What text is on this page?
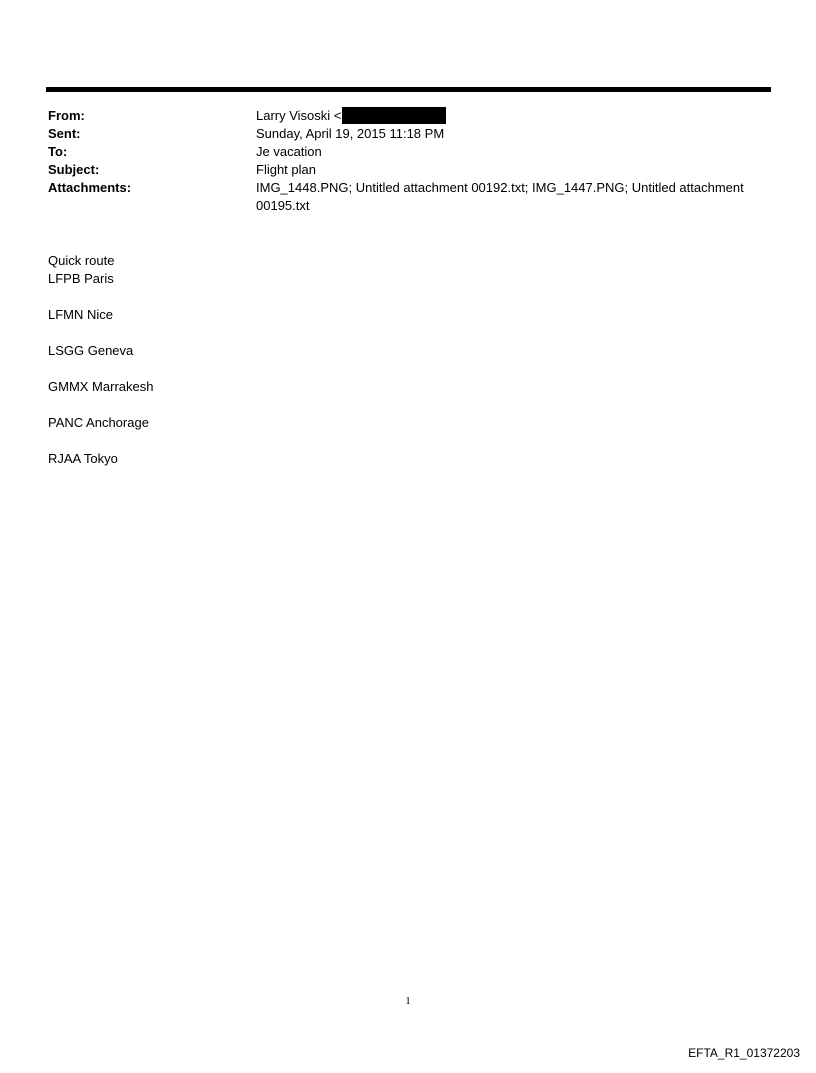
From:	Larry Visoski <
Sent:	Sunday, April 19, 2015 11:18 PM
To:	Je vacation
Subject:	Flight plan
Attachments:	IMG_1448.PNG; Untitled attachment 00192.txt; IMG_1447.PNG; Untitled attachment 00195.txt

Quick route

LFPB Paris

LFMN Nice

LSGG Geneva

GMMX Marrakesh

PANC Anchorage

RJAA Tokyo

1
EFTA_R1_01372203
